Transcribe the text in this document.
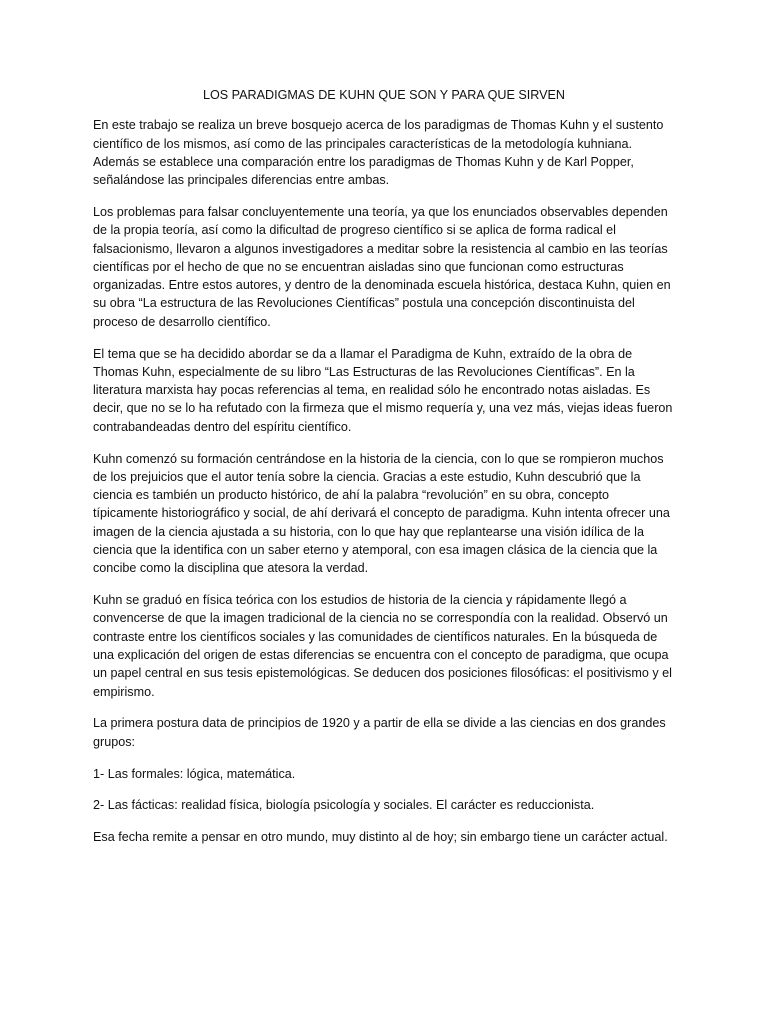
LOS PARADIGMAS DE KUHN QUE SON Y PARA QUE SIRVEN

En este trabajo se realiza un breve bosquejo acerca de los paradigmas de Thomas Kuhn y el sustento científico de los mismos, así como de las principales características de la metodología kuhniana. Además se establece una comparación entre los paradigmas de Thomas Kuhn y de Karl Popper, señalándose las principales diferencias entre ambas.

Los problemas para falsar concluyentemente una teoría, ya que los enunciados observables dependen de la propia teoría, así como la dificultad de progreso científico si se aplica de forma radical el falsacionismo, llevaron a algunos investigadores a meditar sobre la resistencia al cambio en las teorías científicas por el hecho de que no se encuentran aisladas sino que funcionan como estructuras organizadas. Entre estos autores, y dentro de la denominada escuela histórica, destaca Kuhn, quien en su obra “La estructura de las Revoluciones Científicas” postula una concepción discontinuista del proceso de desarrollo científico.

El tema que se ha decidido abordar se da a llamar el Paradigma de Kuhn, extraído de la obra de Thomas Kuhn, especialmente de su libro “Las Estructuras de las Revoluciones Científicas”. En la literatura marxista hay pocas referencias al tema, en realidad sólo he encontrado notas aisladas. Es decir, que no se lo ha refutado con la firmeza que el mismo requería y, una vez más, viejas ideas fueron contrabandeadas dentro del espíritu científico.

Kuhn comenzó su formación centrándose en la historia de la ciencia, con lo que se rompieron muchos de los prejuicios que el autor tenía sobre la ciencia. Gracias a este estudio, Kuhn descubrió que la ciencia es también un producto histórico, de ahí la palabra “revolución” en su obra, concepto típicamente historiográfico y social, de ahí derivará el concepto de paradigma. Kuhn intenta ofrecer una imagen de la ciencia ajustada a su historia, con lo que hay que replantearse una visión idílica de la ciencia que la identifica con un saber eterno y atemporal, con esa imagen clásica de la ciencia que la concibe como la disciplina que atesora la verdad.

Kuhn se graduó en física teórica con los estudios de historia de la ciencia y rápidamente llegó a convencerse de que la imagen tradicional de la ciencia no se correspondía con la realidad. Observó un contraste entre los científicos sociales y las comunidades de científicos naturales. En la búsqueda de una explicación del origen de estas diferencias se encuentra con el concepto de paradigma, que ocupa un papel central en sus tesis epistemológicas. Se deducen dos posiciones filosóficas: el positivismo y el empirismo.

La primera postura data de principios de 1920 y a partir de ella se divide a las ciencias en dos grandes grupos:

1- Las formales: lógica, matemática.

2- Las fácticas: realidad física, biología psicología y sociales. El carácter es reduccionista.

Esa fecha remite a pensar en otro mundo, muy distinto al de hoy; sin embargo tiene un carácter actual.
